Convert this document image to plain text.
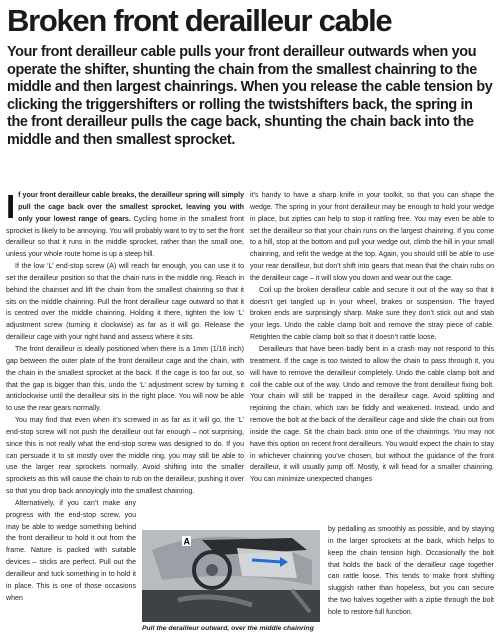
Broken front derailleur cable

Your front derailleur cable pulls your front derailleur outwards when you operate the shifter, shunting the chain from the smallest chainring to the middle and then largest chainrings. When you release the cable tension by clicking the triggershifters or rolling the twistshifters back, the spring in the front derailleur pulls the cage back, shunting the chain back into the middle and then smallest sprocket.

If your front derailleur cable breaks, the derailleur spring will simply pull the cage back over the smallest sprocket, leaving you with only your lowest range of gears. Cycling home in the smallest front sprocket is likely to be annoying. You will probably want to try to set the front derailleur so that it runs in the middle sprocket, rather than the small one, unless your whole route home is up a steep hill.

If the low ‘L’ end-stop screw (A) will reach far enough, you can use it to set the derailleur position so that the chain runs in the middle ring. Reach in behind the chainset and lift the chain from the smallest chainring so that it sits on the middle chainring. Pull the front derailleur cage outward so that it is centred over the middle chainring. Holding it there, tighten the low ‘L’ adjustment screw (turning it clockwise) as far as it will go. Release the derailleur cage with your right hand and assess where it sits.

The front derailleur is ideally positioned when there is a 1mm (1/16 inch) gap between the outer plate of the front derailleur cage and the chain, with the chain in the smallest sprocket at the back. If the cage is too far out, so that the gap is bigger than this, undo the ‘L’ adjustment screw by turning it anticlockwise until the derailleur sits in the right place. You will now be able to use the rear gears normally.

You may find that even when it’s screwed in as far as it will go, the ‘L’ end-stop screw will not push the derailleur out far enough – not surprising, since this is not really what the end-stop screw was designed to do. If you can persuade it to sit mostly over the middle ring, you may still be able to use the larger rear sprockets normally. Avoid shifting into the smaller sprockets as this will cause the chain to rub on the derailleur, pushing it over so that you drop back annoyingly into the smallest chainring.

Alternatively, if you can’t make any progress with the end-stop screw, you may be able to wedge something behind the front derailleur to hold it out from the frame. Nature is packed with suitable devices – sticks are perfect. Pull out the derailleur and tuck something in to hold it in place. This is one of those occasions when

it’s handy to have a sharp knife in your toolkit, so that you can shape the wedge. The spring in your front derailleur may be enough to hold your wedge in place, but zipties can help to stop it rattling free. You may even be able to set the derailleur so that your chain runs on the largest chainring. If you come to a hill, stop at the bottom and pull your wedge out, climb the hill in your small chainring, and refit the wedge at the top. Again, you should still be able to use your rear derailleur, but don’t shift into gears that mean that the chain rubs on the derailleur cage – it will slow you down and wear out the cage.

Coil up the broken derailleur cable and secure it out of the way so that it doesn’t get tangled up in your wheel, brakes or suspension. The frayed broken ends are surprisingly sharp. Make sure they don’t stick out and stab your legs. Undo the cable clamp bolt and remove the stray piece of cable. Retighten the cable clamp bolt so that it doesn’t rattle loose.

Derailleurs that have been badly bent in a crash may not respond to this treatment. If the cage is too twisted to allow the chain to pass through it, you will have to remove the derailleur completely. Undo the cable clamp bolt and coil the cable out of the way. Undo and remove the front derailleur fixing bolt. Your chain will still be trapped in the derailleur cage. Avoid splitting and rejoining the chain, which can be fiddly and weakened. Instead, undo and remove the bolt at the back of the derailleur cage and slide the chain out from inside the cage. Sit the chain back onto one of the chainrings. You may not have this option on recent front derailleurs. You would expect the chain to stay in whichever chainring you’ve chosen, but without the guidance of the front derailleur, it will usually jump off. Mostly, it will head for a smaller chainring. You can minimize unexpected changes

by pedalling as smoothly as possible, and by staying in the larger sprockets at the back, which helps to keep the chain tension high. Occasionally the bolt that holds the back of the derailleur cage together can rattle loose. This tends to make front shifting sluggish rather than hopeless, but you can secure the two halves together with a ziptie through the bolt hole to restore full function.

A

Pull the derailleur outward, over the middle chainring
